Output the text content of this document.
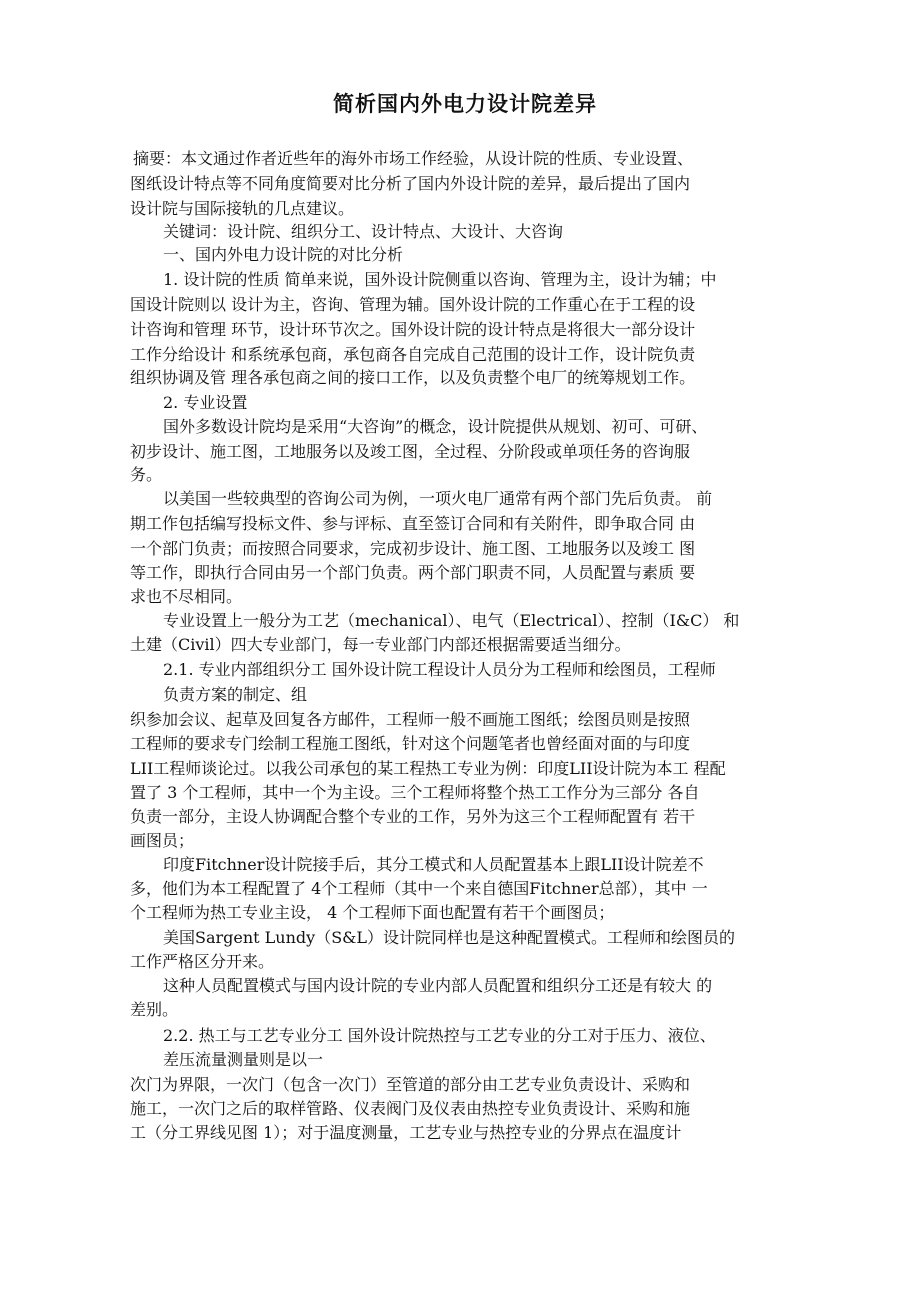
简析国内外电力设计院差异

摘要：本文通过作者近些年的海外市场工作经验，从设计院的性质、专业设置、

图纸设计特点等不同角度简要对比分析了国内外设计院的差异，最后提出了国内

设计院与国际接轨的几点建议。

关键词：设计院、组织分工、设计特点、大设计、大咨询

一、国内外电力设计院的对比分析

1. 设计院的性质 简单来说，国外设计院侧重以咨询、管理为主，设计为辅；中

国设计院则以 设计为主，咨询、管理为辅。国外设计院的工作重心在于工程的设

计咨询和管理 环节，设计环节次之。国外设计院的设计特点是将很大一部分设计

工作分给设计 和系统承包商，承包商各自完成自己范围的设计工作，设计院负责

组织协调及管 理各承包商之间的接口工作，以及负责整个电厂的统筹规划工作。

2. 专业设置

国外多数设计院均是采用“大咨询”的概念，设计院提供从规划、初可、可研、

初步设计、施工图，工地服务以及竣工图，全过程、分阶段或单项任务的咨询服

务。

以美国一些较典型的咨询公司为例，一项火电厂通常有两个部门先后负责。 前

期工作包括编写投标文件、参与评标、直至签订合同和有关附件，即争取合同 由

一个部门负责；而按照合同要求，完成初步设计、施工图、工地服务以及竣工 图

等工作，即执行合同由另一个部门负责。两个部门职责不同，人员配置与素质 要

求也不尽相同。

专业设置上一般分为工艺（mechanical）、电气（Electrical）、控制（I&C） 和

土建（Civil）四大专业部门，每一专业部门内部还根据需要适当细分。

2.1. 专业内部组织分工 国外设计院工程设计人员分为工程师和绘图员，工程师

负责方案的制定、组

织参加会议、起草及回复各方邮件，工程师一般不画施工图纸；绘图员则是按照

工程师的要求专门绘制工程施工图纸，针对这个问题笔者也曾经面对面的与印度

LII工程师谈论过。以我公司承包的某工程热工专业为例：印度LII设计院为本工 程配

置了 3 个工程师，其中一个为主设。三个工程师将整个热工工作分为三部分 各自

负责一部分，主设人协调配合整个专业的工作，另外为这三个工程师配置有 若干

画图员；

印度Fitchner设计院接手后，其分工模式和人员配置基本上跟LII设计院差不

多，他们为本工程配置了 4个工程师（其中一个来自德国Fitchner总部），其中 一

个工程师为热工专业主设， 4 个工程师下面也配置有若干个画图员；

美国Sargent Lundy（S&L）设计院同样也是这种配置模式。工程师和绘图员的

工作严格区分开来。

这种人员配置模式与国内设计院的专业内部人员配置和组织分工还是有较大 的

差别。

2.2. 热工与工艺专业分工 国外设计院热控与工艺专业的分工对于压力、液位、

差压流量测量则是以一

次门为界限，一次门（包含一次门）至管道的部分由工艺专业负责设计、采购和

施工，一次门之后的取样管路、仪表阀门及仪表由热控专业负责设计、采购和施

工（分工界线见图 1）；对于温度测量，工艺专业与热控专业的分界点在温度计
